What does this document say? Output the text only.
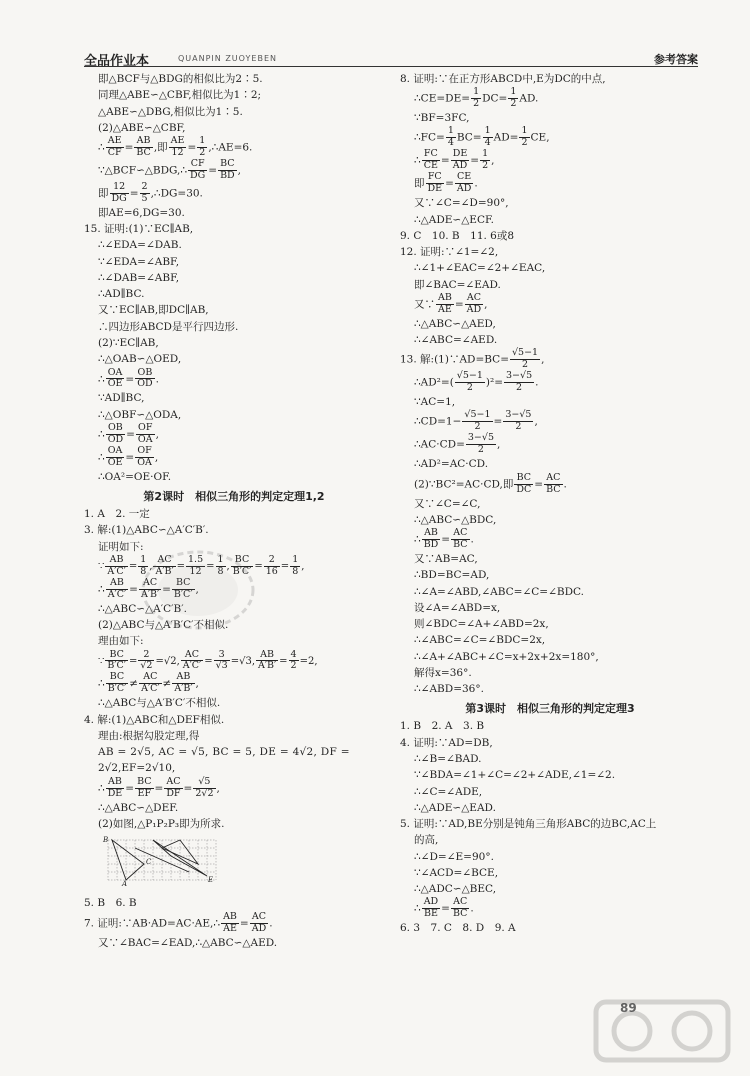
全品作业本	QUANPIN ZUOYEBEN	参考答案
即△BCF与△BDG的相似比为2∶5.
同理△ABE∽△CBF,相似比为1∶2;
△ABE∽△DBG,相似比为1∶5.
(2)△ABE∽△CBF,
∴ $\frac{AE}{CF} = \frac{AB}{BC}$ ,即 $\frac{AE}{12} = \frac{1}{2}$ ,∴AE=6.
∵△BCF∽△BDG,∴ $\frac{CF}{DG} = \frac{BC}{BD}$ ,
即 $\frac{12}{DG} = \frac{2}{5}$ ,∴DG=30.
即AE=6,DG=30.
15. 证明:(1)∵EC∥AB,
∴∠EDA=∠DAB.
∵∠EDA=∠ABF,
∴∠DAB=∠ABF,
∴AD∥BC.
又∵EC∥AB,即DC∥AB,
∴四边形ABCD是平行四边形.
(2)∵EC∥AB,
∴△OAB∽△OED,
∴ $\frac{OA}{OE} = \frac{OB}{OD}$ .
∵AD∥BC,
∴△OBF∽△ODA,
∴ $\frac{OB}{OD} = \frac{OF}{OA}$ ,
∴ $\frac{OA}{OE} = \frac{OF}{OA}$ ,
∴OA²=OE·OF.
第2课时　相似三角形的判定定理1,2
1. A　2. 一定
3. 解:(1)△ABC∽△A′C′B′.
证明如下:
∵ $\frac{AB}{A'C'} = \frac{1}{8}$ , $\frac{AC}{A'B'} = \frac{1.5}{12} = \frac{1}{8}$ , $\frac{BC}{B'C'} = \frac{2}{16} = \frac{1}{8}$ ,
∴ $\frac{AB}{A'C'} = \frac{AC}{A'B'} = \frac{BC}{B'C'}$ ,
∴△ABC∽△A′C′B′.
(2)△ABC与△A′B′C′不相似.
理由如下:
∵ $\frac{BC}{B'C'} = \frac{2}{√2} =√2$, $\frac{AC}{A'C'} = \frac{3}{√3} =√3$, $\frac{AB}{A'B'} = \frac{4}{2} =2$,
∴ $\frac{BC}{B'C'} \ne \frac{AC}{A'C'} \ne \frac{AB}{A'B'}$ ,
∴△ABC与△A′B′C′不相似.
4. 解:(1)△ABC和△DEF相似.
理由:根据勾股定理,得
AB = 2√5, AC = √5, BC = 5, DE = 4√2, DF =
2√2,EF=2√10,
∴ $\frac{AB}{DE} = \frac{BC}{EF} = \frac{AC}{DF} = \frac{√5}{2√2}$ ,
∴△ABC∽△DEF.
(2)如图,△P₁P₂P₃即为所求.
B
C
A	E
5. B　6. B
7. 证明:∵AB·AD=AC·AE,∴ $\frac{AB}{AE} = \frac{AC}{AD}$ .
又∵∠BAC=∠EAD,∴△ABC∽△AED.
8. 证明:∵在正方形ABCD中,E为DC的中点,
∴CE=DE= $\frac{1}{2} DC= \frac{1}{2}$ AD.
∵BF=3FC,
∴FC= $\frac{1}{4} BC= \frac{1}{4} AD= \frac{1}{2}$ CE,
∴ $\frac{FC}{CE} = \frac{DE}{AD} = \frac{1}{2}$ ,
即 $\frac{FC}{DE} = \frac{CE}{AD}$ .
又∵∠C=∠D=90°,
∴△ADE∽△ECF.
9. C　10. B　11. 6或8
12. 证明:∵∠1=∠2,
∴∠1+∠EAC=∠2+∠EAC,
即∠BAC=∠EAD.
又∵ $\frac{AB}{AE} = \frac{AC}{AD}$ ,
∴△ABC∽△AED,
∴∠ABC=∠AED.
13. 解:(1)∵AD=BC= $\frac{√5-1}{2}$ ,
∴AD²=( $\frac{√5-1}{2} )^2= \frac{3-√5}{2}$ .
∵AC=1,
∴CD=1− $\frac{√5-1}{2} = \frac{3-√5}{2}$ ,
∴AC·CD= $\frac{3-√5}{2}$ ,
∴AD²=AC·CD.
(2)∵BC²=AC·CD,即 $\frac{BC}{DC} = \frac{AC}{BC}$ .
又∵∠C=∠C,
∴△ABC∽△BDC,
∴ $\frac{AB}{BD} = \frac{AC}{BC}$ .
又∵AB=AC,
∴BD=BC=AD,
∴∠A=∠ABD,∠ABC=∠C=∠BDC.
设∠A=∠ABD=x,
则∠BDC=∠A+∠ABD=2x,
∴∠ABC=∠C=∠BDC=2x,
∴∠A+∠ABC+∠C=x+2x+2x=180°,
解得x=36°.
∴∠ABD=36°.
第3课时　相似三角形的判定定理3
1. B　2. A　3. B
4. 证明:∵AD=DB,
∴∠B=∠BAD.
∵∠BDA=∠1+∠C=∠2+∠ADE,∠1=∠2.
∴∠C=∠ADE,
∴△ADE∽△EAD.
5. 证明:∵AD,BE分别是钝角三角形ABC的边BC,AC上
的高,
∴∠D=∠E=90°.
∵∠ACD=∠BCE,
∴△ADC∽△BEC,
∴ $\frac{AD}{BE} = \frac{AC}{BC}$ .
6. 3　7. C　8. D　9. A
89
